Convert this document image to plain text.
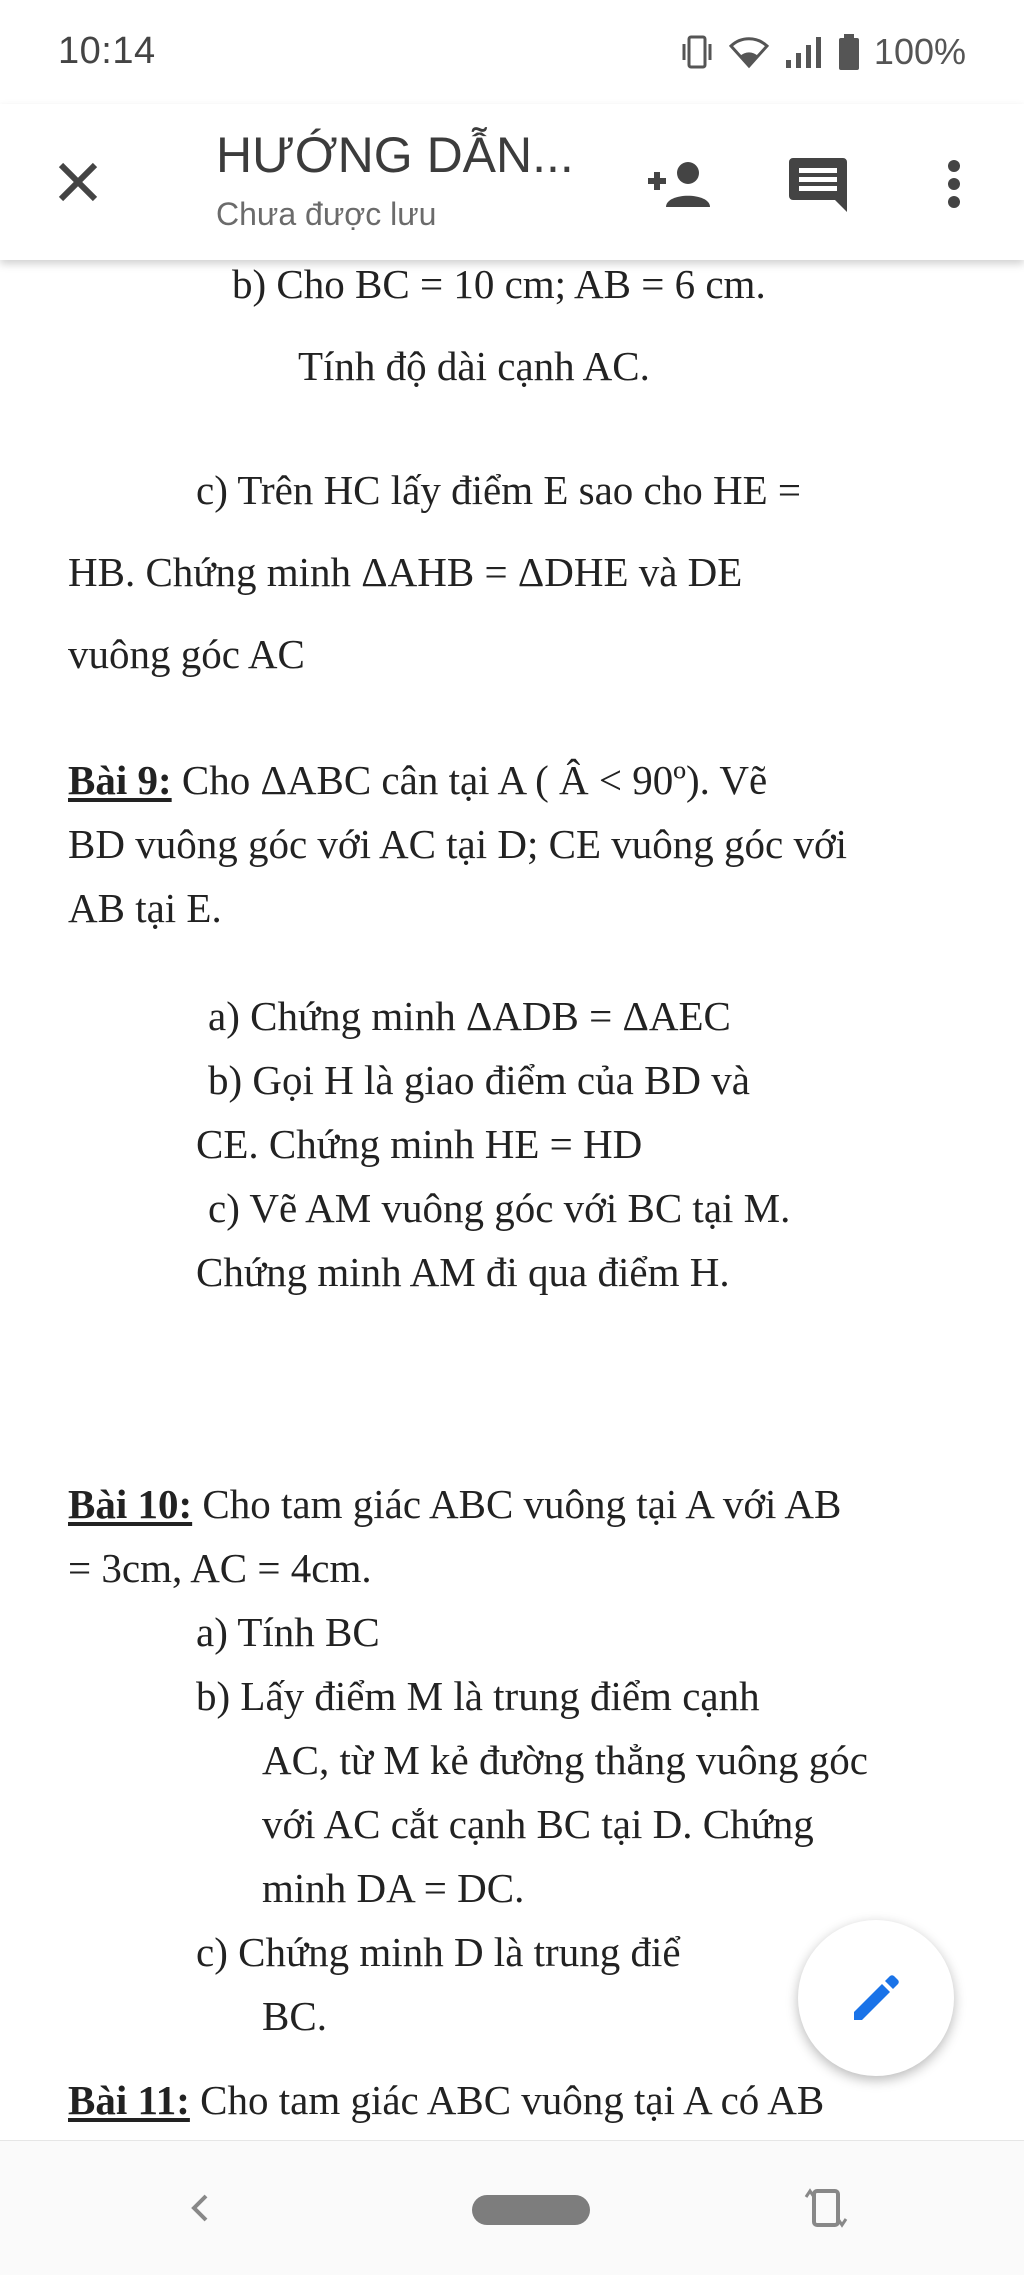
10:14	100%
HƯỚNG DẪN...
Chưa được lưu
b) Cho BC = 10 cm; AB = 6 cm.
Tính độ dài cạnh AC.
c) Trên HC lấy điểm E sao cho HE =
HB. Chứng minh ΔAHB = ΔDHE và DE
vuông góc AC
Bài 9: Cho ΔABC cân tại A ( Â < 90º). Vẽ
BD vuông góc với AC tại D; CE vuông góc với
AB tại E.
a) Chứng minh ΔADB = ΔAEC
b) Gọi H là giao điểm của BD và
CE. Chứng minh HE = HD
c) Vẽ AM vuông góc với BC tại M.
Chứng minh AM đi qua điểm H.
Bài 10: Cho tam giác ABC vuông tại A với AB
= 3cm, AC = 4cm.
a) Tính BC
b) Lấy điểm M là trung điểm cạnh
AC, từ M kẻ đường thẳng vuông góc
với AC cắt cạnh BC tại D. Chứng
minh DA = DC.
c) Chứng minh D là trung điể
BC.
Bài 11: Cho tam giác ABC vuông tại A có AB
